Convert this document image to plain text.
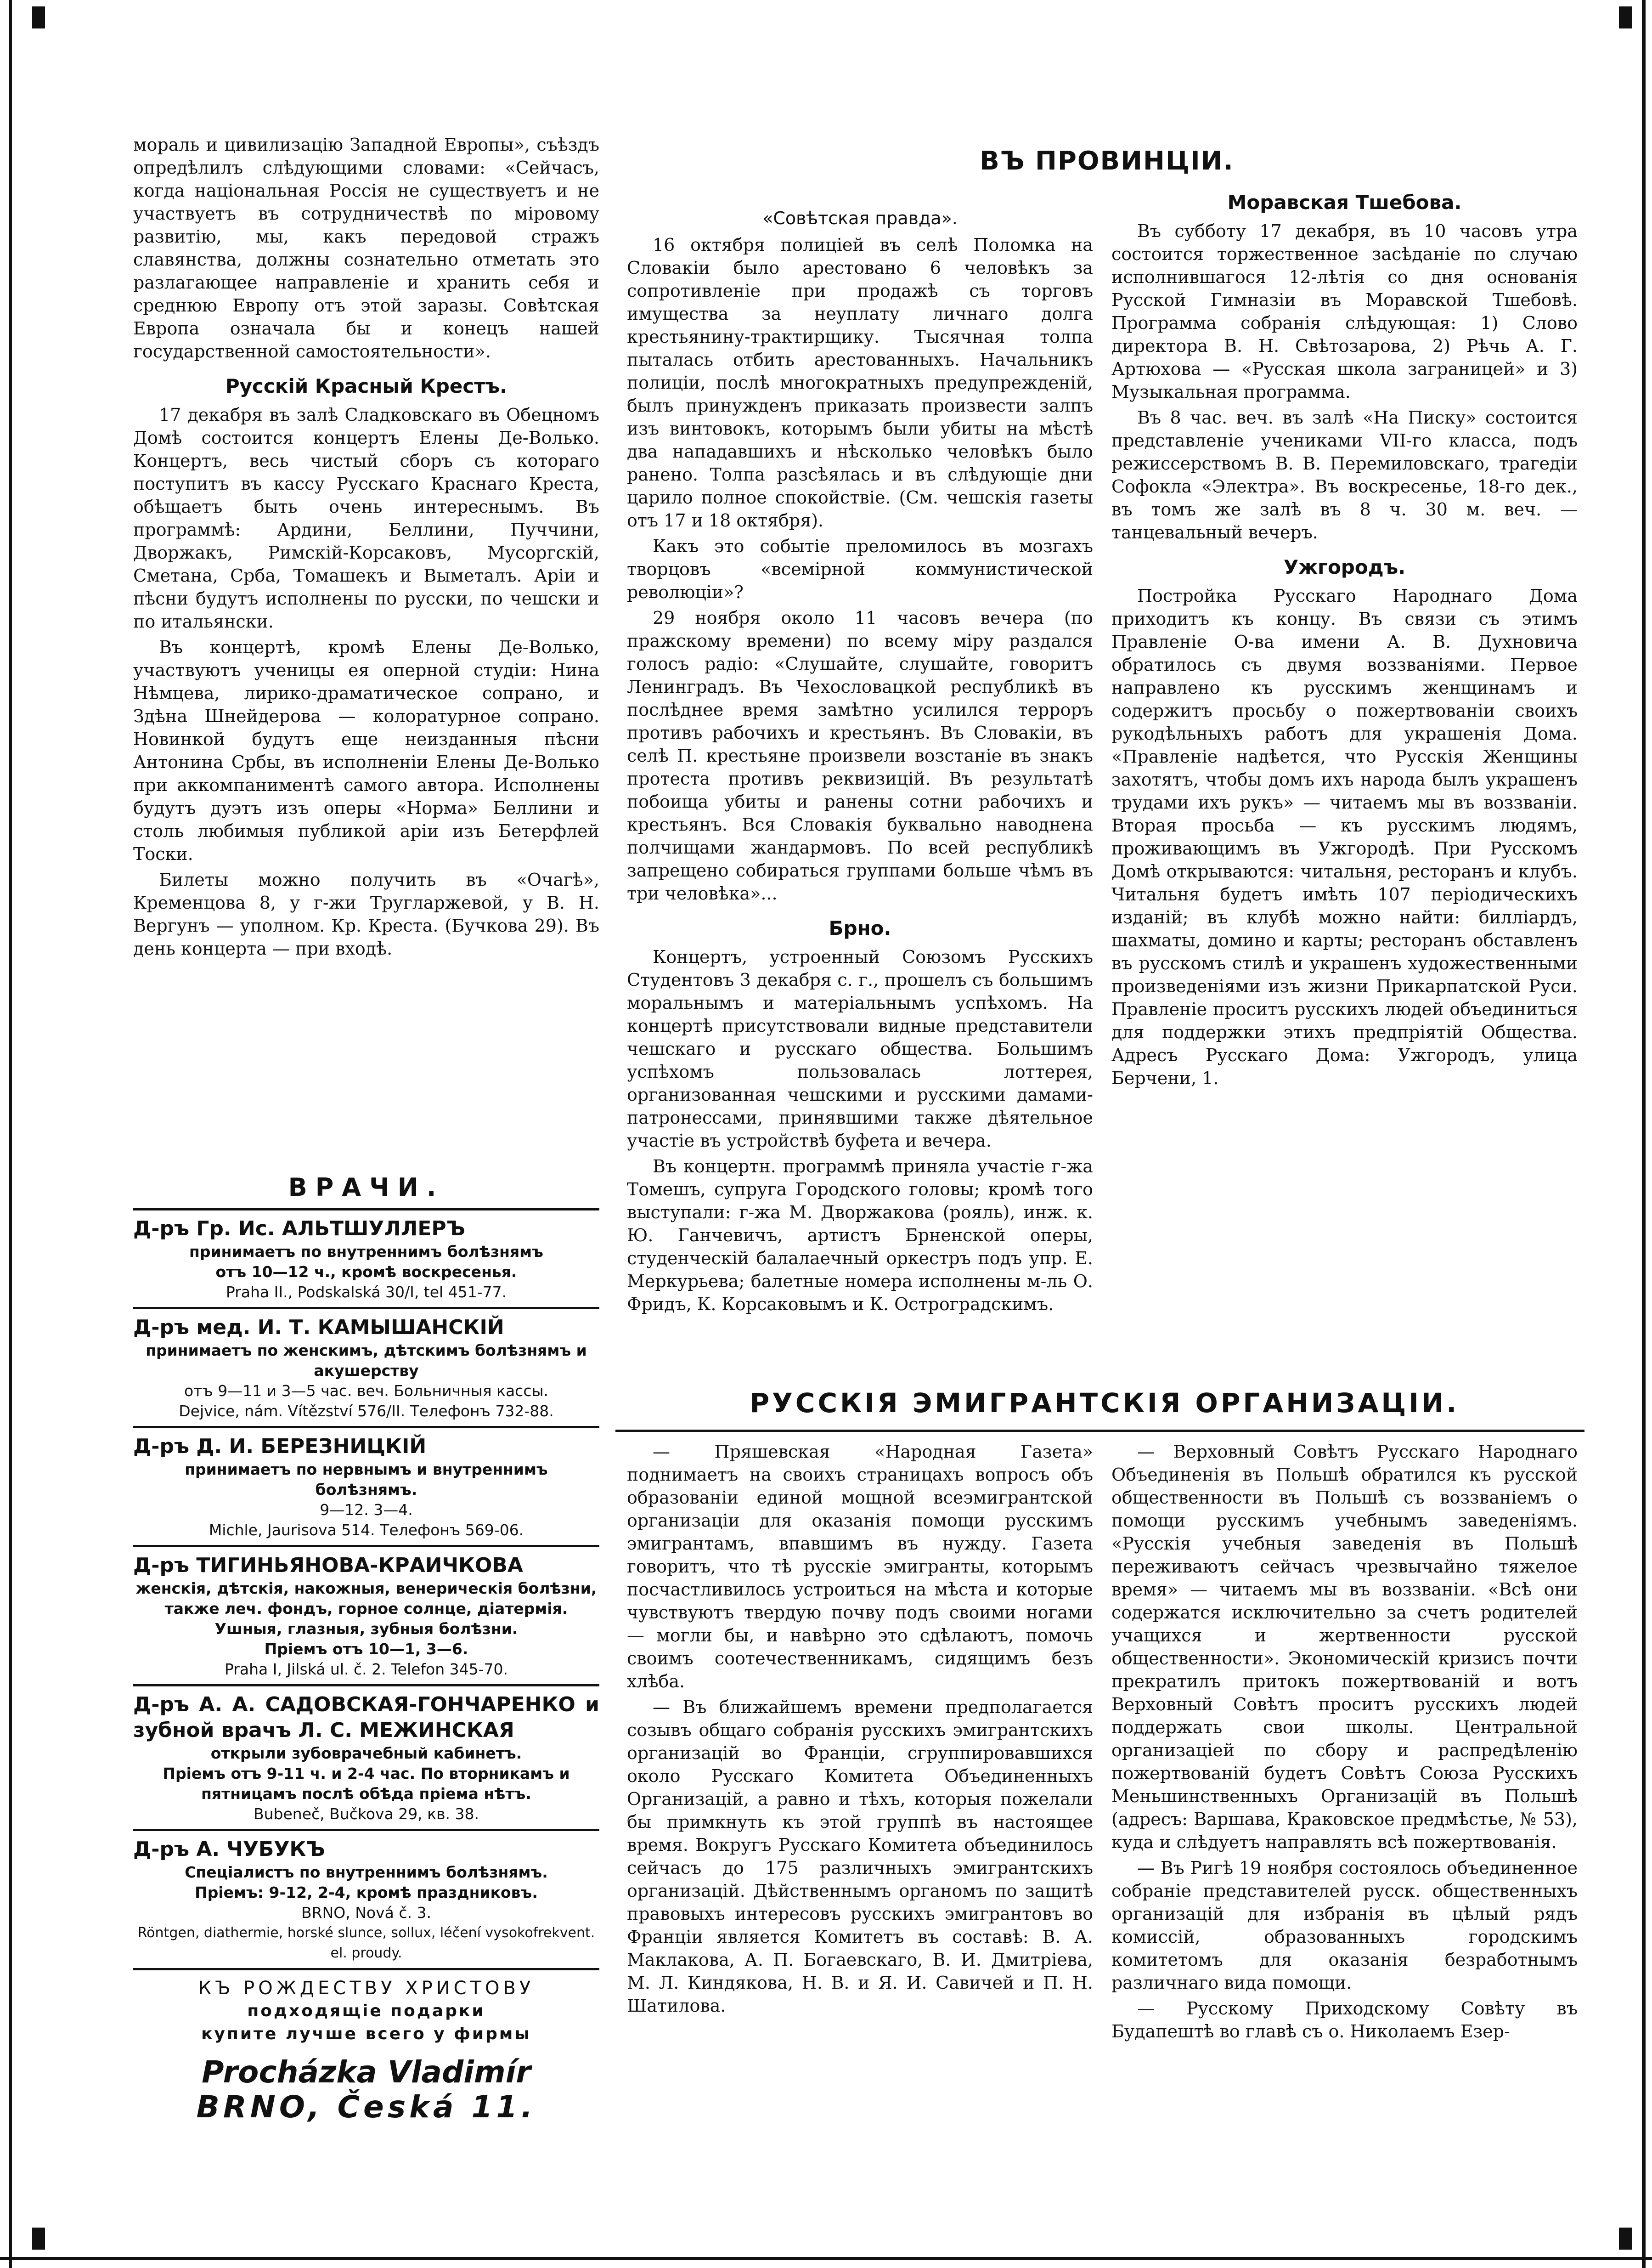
мораль и цивилизацію Западной Европы», съѣздъ опредѣлилъ слѣдующими словами: «Сейчасъ, когда національная Россія не существуетъ и не участвуетъ въ сотрудничествѣ по міровому развитію, мы, какъ передовой стражъ славянства, должны сознательно отметать это разлагающее направленіе и хранить себя и среднюю Европу отъ этой заразы. Совѣтская Европа означала бы и конецъ нашей государственной самостоятельности».

Русскій Красный Крестъ.

17 декабря въ залѣ Сладковскаго въ Обецномъ Домѣ состоится концертъ Елены Де-Волько. Концертъ, весь чистый сборъ съ котораго поступитъ въ кассу Русскаго Краснаго Креста, обѣщаетъ быть очень интереснымъ. Въ программѣ: Ардини, Беллини, Пуччини, Дворжакъ, Римскій-Корсаковъ, Мусоргскій, Сметана, Срба, Томашекъ и Выметалъ. Аріи и пѣсни будутъ исполнены по русски, по чешски и по итальянски.

Въ концертѣ, кромѣ Елены Де-Волько, участвуютъ ученицы ея оперной студіи: Нина Нѣмцева, лирико-драматическое сопрано, и Здѣна Шнейдерова — колоратурное сопрано. Новинкой будутъ еще неизданныя пѣсни Антонина Србы, въ исполненіи Елены Де-Волько при аккомпаниментѣ самого автора. Исполнены будутъ дуэтъ изъ оперы «Норма» Беллини и столь любимыя публикой аріи изъ Бетерфлей Тоски.

Билеты можно получить въ «Очагѣ», Кременцова 8, у г-жи Тругларжевой, у В. Н. Вергунъ — уполном. Кр. Креста. (Бучкова 29). Въ день концерта — при входѣ.

ВРАЧИ.
Д-ръ Гр. Ис. АЛЬТШУЛЛЕРЪ
принимаетъ по внутреннимъ болѣзнямъ
отъ 10—12 ч., кромѣ воскресенья.
Praha II., Podskalská 30/I, tel 451-77.
Д-ръ мед. И. Т. КАМЫШАНСКІЙ
принимаетъ по женскимъ, дѣтскимъ болѣзнямъ и акушерству
отъ 9—11 и 3—5 час. веч. Больничныя кассы.
Dejvice, nám. Vítězství 576/II. Телефонъ 732-88.
Д-ръ Д. И. БЕРЕЗНИЦКІЙ
принимаетъ по нервнымъ и внутреннимъ болѣзнямъ.
9—12. 3—4.
Michle, Jaurisova 514. Телефонъ 569-06.
Д-ръ ТИГИНЬЯНОВА-КРАИЧКОВА
женскія, дѣтскія, накожныя, венерическія болѣзни, также леч. фондъ, горное солнце, діатермія. Ушныя, глазныя, зубныя болѣзни.
Пріемъ отъ 10—1, 3—6.
Praha I, Jilská ul. č. 2. Telefon 345-70.
Д-ръ А. А. САДОВСКАЯ-ГОНЧАРЕНКО и зубной врачъ Л. С. МЕЖИНСКАЯ
открыли зубоврачебный кабинетъ.
Пріемъ отъ 9-11 ч. и 2-4 час. По вторникамъ и пятницамъ послѣ обѣда пріема нѣтъ.
Bubeneč, Bučkova 29, кв. 38.
Д-ръ А. ЧУБУКЪ
Спеціалистъ по внутреннимъ болѣзнямъ.
Пріемъ: 9-12, 2-4, кромѣ праздниковъ.
BRNO, Nová č. 3.
Röntgen, diathermie, horské slunce, sollux, léčení vysokofrekvent. el. proudy.
КЪ РОЖДЕСТВУ ХРИСТОВУ
подходящіе подарки
купите лучше всего у фирмы
Procházka Vladimír
BRNO, Česká 11.
ВЪ ПРОВИНЦІИ.
«Совѣтская правда».

16 октября полиціей въ селѣ Поломка на Словакіи было арестовано 6 человѣкъ за сопротивленіе при продажѣ съ торговъ имущества за неуплату личнаго долга крестьянину-трактирщику. Тысячная толпа пыталась отбить арестованныхъ. Начальникъ полиціи, послѣ многократныхъ предупрежденій, былъ принужденъ приказать произвести залпъ изъ винтовокъ, которымъ были убиты на мѣстѣ два нападавшихъ и нѣсколько человѣкъ было ранено. Толпа разсѣялась и въ слѣдующіе дни царило полное спокойствіе. (См. чешскія газеты отъ 17 и 18 октября).

Какъ это событіе преломилось въ мозгахъ творцовъ «всемірной коммунистической революціи»?

29 ноября около 11 часовъ вечера (по пражскому времени) по всему міру раздался голосъ радіо: «Слушайте, слушайте, говоритъ Ленинградъ. Въ Чехословацкой республикѣ въ послѣднее время замѣтно усилился терроръ противъ рабочихъ и крестьянъ. Въ Словакіи, въ селѣ П. крестьяне произвели возстаніе въ знакъ протеста противъ реквизицій. Въ результатѣ побоища убиты и ранены сотни рабочихъ и крестьянъ. Вся Словакія буквально наводнена полчищами жандармовъ. По всей республикѣ запрещено собираться группами больше чѣмъ въ три человѣка»...

Брно.

Концертъ, устроенный Союзомъ Русскихъ Студентовъ 3 декабря с. г., прошелъ съ большимъ моральнымъ и матеріальнымъ успѣхомъ. На концертѣ присутствовали видные представители чешскаго и русскаго общества. Большимъ успѣхомъ пользовалась лоттерея, организованная чешскими и русскими дамами-патронессами, принявшими также дѣятельное участіе въ устройствѣ буфета и вечера.

Въ концертн. программѣ приняла участіе г-жа Томешъ, супруга Городского головы; кромѣ того выступали: г-жа М. Дворжакова (рояль), инж. к. Ю. Ганчевичъ, артистъ Брненской оперы, студенческій балалаечный оркестръ подъ упр. Е. Меркурьева; балетные номера исполнены м-ль О. Фридъ, К. Корсаковымъ и К. Остроградскимъ.

Моравская Тшебова.

Въ субботу 17 декабря, въ 10 часовъ утра состоится торжественное засѣданіе по случаю исполнившагося 12-лѣтія со дня основанія Русской Гимназіи въ Моравской Тшебовѣ. Программа собранія слѣдующая: 1) Слово директора В. Н. Свѣтозарова, 2) Рѣчь А. Г. Артюхова — «Русская школа заграницей» и 3) Музыкальная программа.

Въ 8 час. веч. въ залѣ «На Писку» состоится представленіе учениками VII-го класса, подъ режиссерствомъ В. В. Перемиловскаго, трагедіи Софокла «Электра». Въ воскресенье, 18-го дек., въ томъ же залѣ въ 8 ч. 30 м. веч. — танцевальный вечеръ.

Ужгородъ.

Постройка Русскаго Народнаго Дома приходитъ къ концу. Въ связи съ этимъ Правленіе О-ва имени А. В. Духновича обратилось съ двумя воззваніями. Первое направлено къ русскимъ женщинамъ и содержитъ просьбу о пожертвованіи своихъ рукодѣльныхъ работъ для украшенія Дома. «Правленіе надѣется, что Русскія Женщины захотятъ, чтобы домъ ихъ народа былъ украшенъ трудами ихъ рукъ» — читаемъ мы въ воззваніи. Вторая просьба — къ русскимъ людямъ, проживающимъ въ Ужгородѣ. При Русскомъ Домѣ открываются: читальня, ресторанъ и клубъ. Читальня будетъ имѣть 107 періодическихъ изданій; въ клубѣ можно найти: билліардъ, шахматы, домино и карты; ресторанъ обставленъ въ русскомъ стилѣ и украшенъ художественными произведеніями изъ жизни Прикарпатской Руси. Правленіе проситъ русскихъ людей объединиться для поддержки этихъ предпріятій Общества. Адресъ Русскаго Дома: Ужгородъ, улица Берчени, 1.

РУССКІЯ ЭМИГРАНТСКІЯ ОРГАНИЗАЦІИ.

— Пряшевская «Народная Газета» поднимаетъ на своихъ страницахъ вопросъ объ образованіи единой мощной всеэмигрантской организаціи для оказанія помощи русскимъ эмигрантамъ, впавшимъ въ нужду. Газета говоритъ, что тѣ русскіе эмигранты, которымъ посчастливилось устроиться на мѣста и которые чувствуютъ твердую почву подъ своими ногами — могли бы, и навѣрно это сдѣлаютъ, помочь своимъ соотечественникамъ, сидящимъ безъ хлѣба.

— Въ ближайшемъ времени предполагается созывъ общаго собранія русскихъ эмигрантскихъ организацій во Франціи, сгруппировавшихся около Русскаго Комитета Объединенныхъ Организацій, а равно и тѣхъ, которыя пожелали бы примкнуть къ этой группѣ въ настоящее время. Вокругъ Русскаго Комитета объединилось сейчасъ до 175 различныхъ эмигрантскихъ организацій. Дѣйственнымъ органомъ по защитѣ правовыхъ интересовъ русскихъ эмигрантовъ во Франціи является Комитетъ въ составѣ: В. А. Маклакова, А. П. Богаевскаго, В. И. Дмитріева, М. Л. Киндякова, Н. В. и Я. И. Савичей и П. Н. Шатилова.

— Верховный Совѣтъ Русскаго Народнаго Объединенія въ Польшѣ обратился къ русской общественности въ Польшѣ съ воззваніемъ о помощи русскимъ учебнымъ заведеніямъ. «Русскія учебныя заведенія въ Польшѣ переживаютъ сейчасъ чрезвычайно тяжелое время» — читаемъ мы въ воззваніи. «Всѣ они содержатся исключительно за счетъ родителей учащихся и жертвенности русской общественности». Экономическій кризисъ почти прекратилъ притокъ пожертвованій и вотъ Верховный Совѣтъ проситъ русскихъ людей поддержать свои школы. Центральной организаціей по сбору и распредѣленію пожертвованій будетъ Совѣтъ Союза Русскихъ Меньшинственныхъ Организацій въ Польшѣ (адресъ: Варшава, Краковское предмѣстье, № 53), куда и слѣдуетъ направлять всѣ пожертвованія.

— Въ Ригѣ 19 ноября состоялось объединенное собраніе представителей русск. общественныхъ организацій для избранія въ цѣлый рядъ комиссій, образованныхъ городскимъ комитетомъ для оказанія безработнымъ различнаго вида помощи.

— Русскому Приходскому Совѣту въ Будапештѣ во главѣ съ о. Николаемъ Езер-
